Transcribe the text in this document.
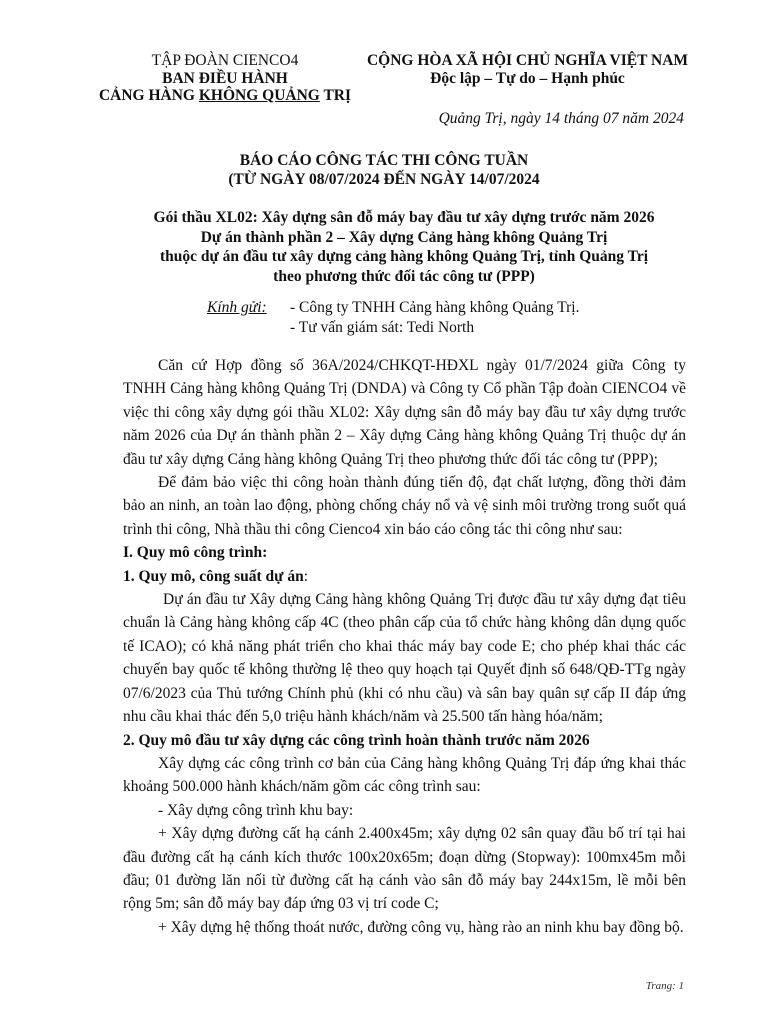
TẬP ĐOÀN CIENCO4
BAN ĐIỀU HÀNH
CẢNG HÀNG KHÔNG QUẢNG TRỊ
CỘNG HÒA XÃ HỘI CHỦ NGHĨA VIỆT NAM
Độc lập – Tự do – Hạnh phúc
Quảng Trị, ngày 14 tháng 07 năm 2024
BÁO CÁO CÔNG TÁC THI CÔNG TUẦN
(TỪ NGÀY 08/07/2024 ĐẾN NGÀY 14/07/2024
Gói thầu XL02: Xây dựng sân đỗ máy bay đầu tư xây dựng trước năm 2026
Dự án thành phần 2 – Xây dựng Cảng hàng không Quảng Trị
thuộc dự án đầu tư xây dựng cảng hàng không Quảng Trị, tỉnh Quảng Trị
theo phương thức đối tác công tư (PPP)
Kính gửi: - Công ty TNHH Cảng hàng không Quảng Trị.
- Tư vấn giám sát: Tedi North

Căn cứ Hợp đồng số 36A/2024/CHKQT-HĐXL ngày 01/7/2024 giữa Công ty TNHH Cảng hàng không Quảng Trị (DNDA) và Công ty Cổ phần Tập đoàn CIENCO4 về việc thi công xây dựng gói thầu XL02: Xây dựng sân đỗ máy bay đầu tư xây dựng trước năm 2026 của Dự án thành phần 2 – Xây dựng Cảng hàng không Quảng Trị thuộc dự án đầu tư xây dựng Cảng hàng không Quảng Trị theo phương thức đối tác công tư (PPP);

Để đảm bảo việc thi công hoàn thành đúng tiến độ, đạt chất lượng, đồng thời đảm bảo an ninh, an toàn lao động, phòng chống cháy nổ và vệ sinh môi trường trong suốt quá trình thi công, Nhà thầu thi công Cienco4 xin báo cáo công tác thi công như sau:

I. Quy mô công trình:

1. Quy mô, công suất dự án:

Dự án đầu tư Xây dựng Cảng hàng không Quảng Trị được đầu tư xây dựng đạt tiêu chuẩn là Cảng hàng không cấp 4C (theo phân cấp của tổ chức hàng không dân dụng quốc tế ICAO); có khả năng phát triển cho khai thác máy bay code E; cho phép khai thác các chuyến bay quốc tế không thường lệ theo quy hoạch tại Quyết định số 648/QĐ-TTg ngày 07/6/2023 của Thủ tướng Chính phủ (khi có nhu cầu) và sân bay quân sự cấp II đáp ứng nhu cầu khai thác đến 5,0 triệu hành khách/năm và 25.500 tấn hàng hóa/năm;

2. Quy mô đầu tư xây dựng các công trình hoàn thành trước năm 2026

Xây dựng các công trình cơ bản của Cảng hàng không Quảng Trị đáp ứng khai thác khoảng 500.000 hành khách/năm gồm các công trình sau:

- Xây dựng công trình khu bay:

+ Xây dựng đường cất hạ cánh 2.400x45m; xây dựng 02 sân quay đầu bố trí tại hai đầu đường cất hạ cánh kích thước 100x20x65m; đoạn dừng (Stopway): 100mx45m mỗi đầu; 01 đường lăn nối từ đường cất hạ cánh vào sân đỗ máy bay 244x15m, lề mỗi bên rộng 5m; sân đỗ máy bay đáp ứng 03 vị trí code C;

+ Xây dựng hệ thống thoát nước, đường công vụ, hàng rào an ninh khu bay đồng bộ.

Trang: 1
